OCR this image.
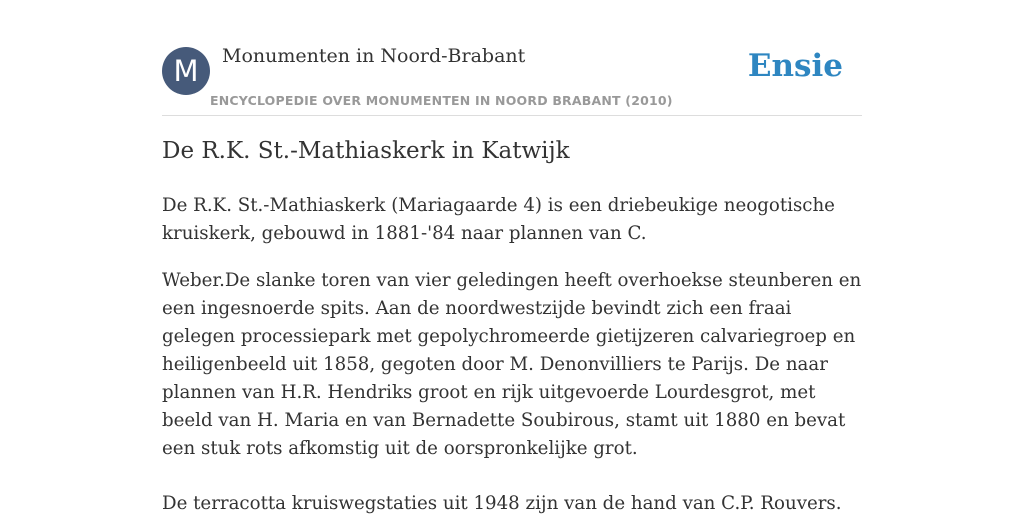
M	Monumenten in Noord-Brabant
ENCYCLOPEDIE OVER MONUMENTEN IN NOORD BRABANT (2010)
Ensie
De R.K. St.-Mathiaskerk in Katwijk

De R.K. St.-Mathiaskerk (Mariagaarde 4) is een driebeukige neogotische kruiskerk, gebouwd in 1881-'84 naar plannen van C.

Weber.De slanke toren van vier geledingen heeft overhoekse steunberen en een ingesnoerde spits. Aan de noordwestzijde bevindt zich een fraai gelegen processiepark met gepolychromeerde gietijzeren calvariegroep en heiligenbeeld uit 1858, gegoten door M. Denonvilliers te Parijs. De naar plannen van H.R. Hendriks groot en rijk uitgevoerde Lourdesgrot, met beeld van H. Maria en van Bernadette Soubirous, stamt uit 1880 en bevat een stuk rots afkomstig uit de oorspronkelijke grot.

De terracotta kruiswegstaties uit 1948 zijn van de hand van C.P. Rouvers.
